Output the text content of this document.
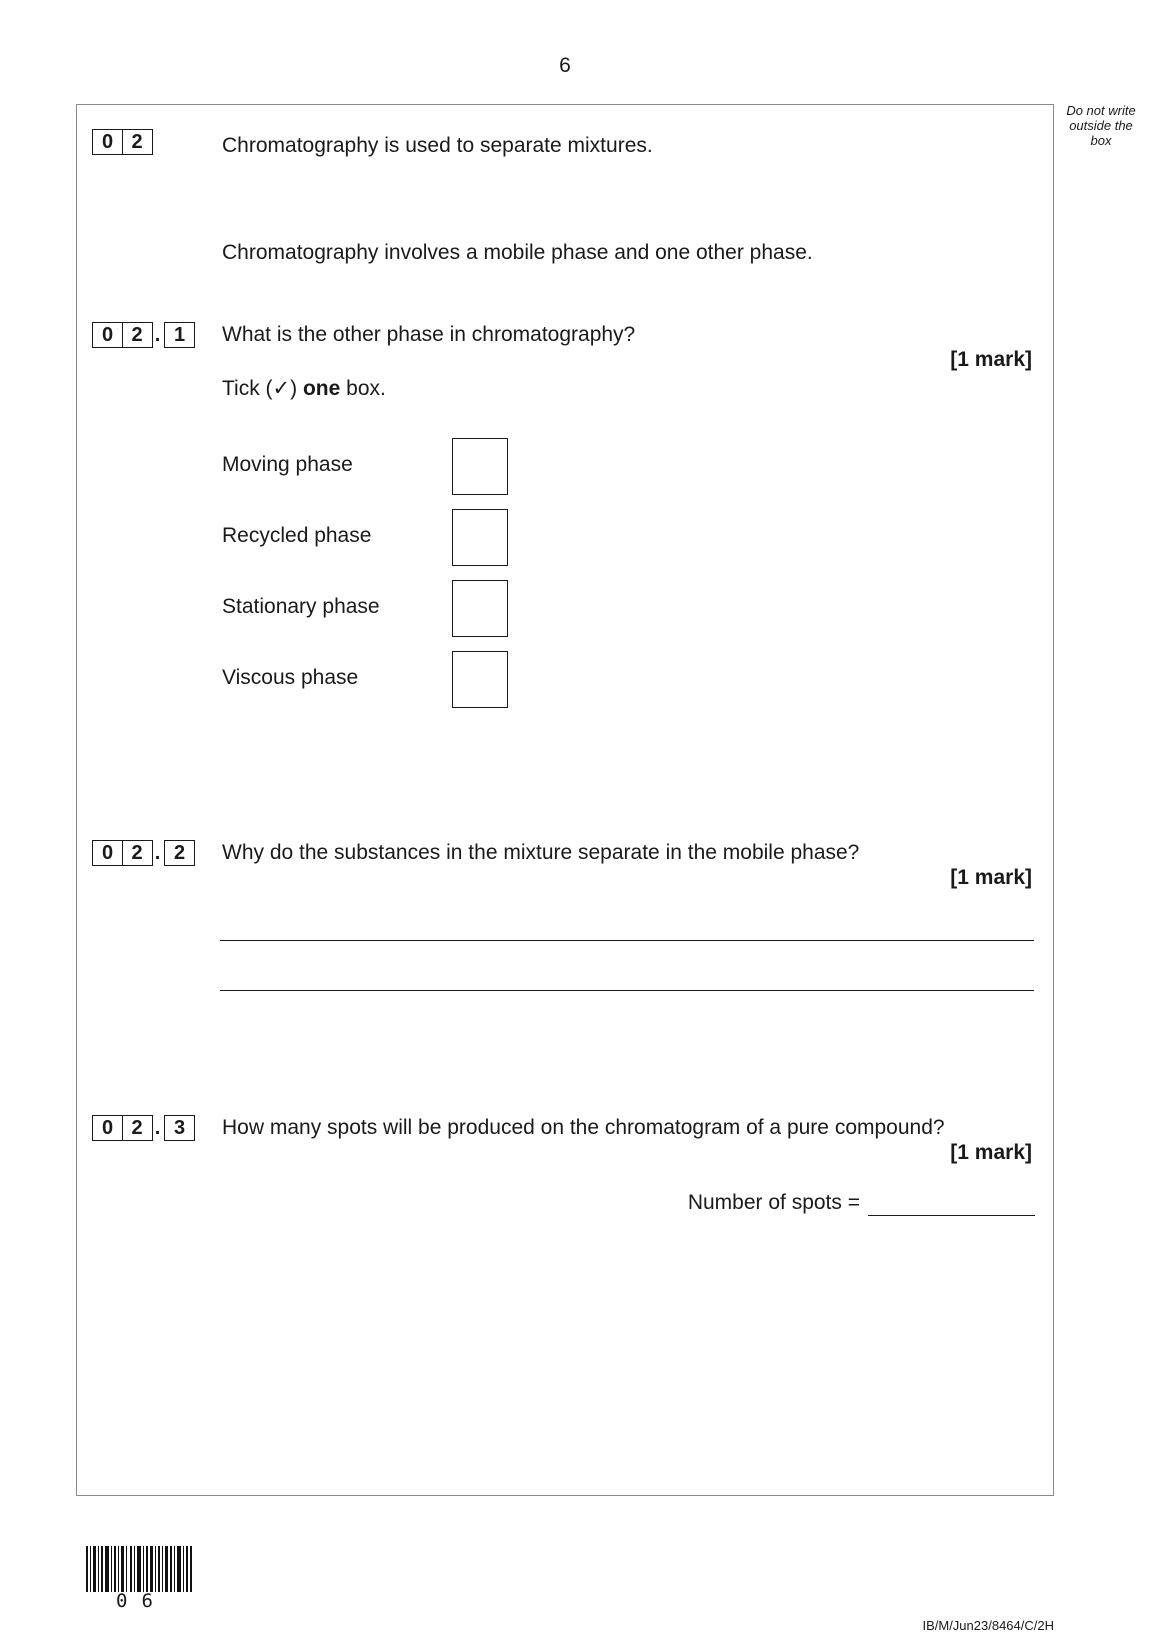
6
Do not write outside the box
0 2	Chromatography is used to separate mixtures.
Chromatography involves a mobile phase and one other phase.
0 2 . 1	What is the other phase in chromatography?
[1 mark]
Tick (✓) one box.
Moving phase
Recycled phase
Stationary phase
Viscous phase
0 2 . 2	Why do the substances in the mixture separate in the mobile phase?
[1 mark]
0 2 . 3	How many spots will be produced on the chromatogram of a pure compound?
[1 mark]
Number of spots =
06
IB/M/Jun23/8464/C/2H
